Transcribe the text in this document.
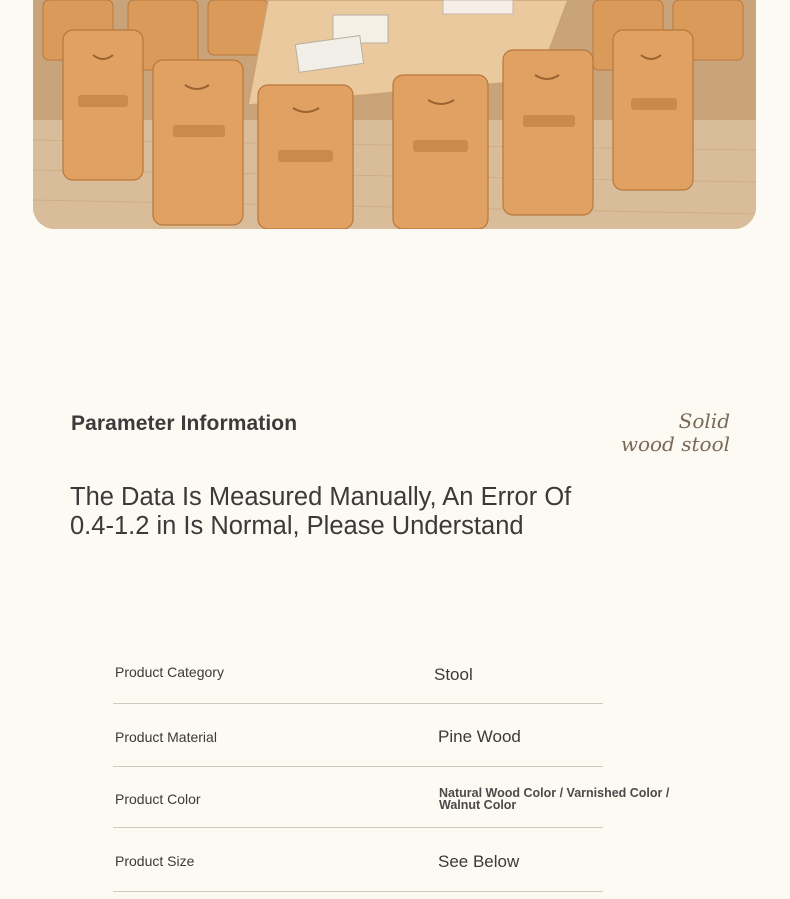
Parameter Information	Solid
wood stool
The Data Is Measured Manually, An Error Of 0.4-1.2 in Is Normal, Please Understand
Product Category	Stool
Product Material	Pine Wood
Product Color	Natural Wood Color / Varnished Color / Walnut Color
Product Size	See Below
